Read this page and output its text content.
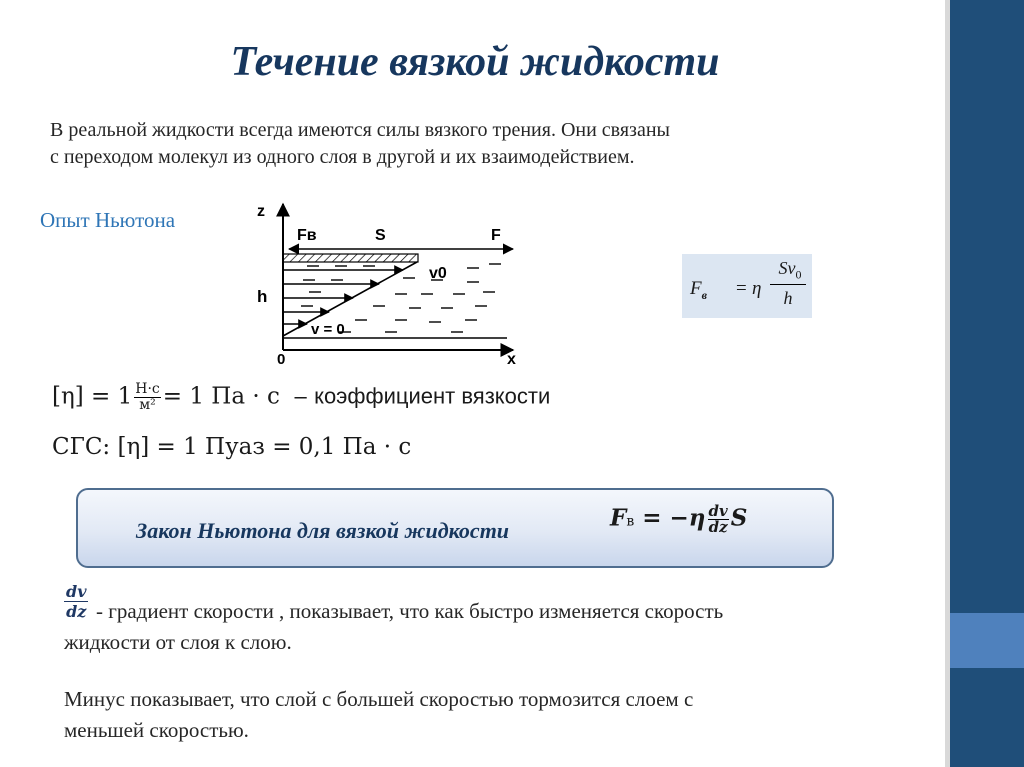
Течение вязкой жидкости
В реальной жидкости всегда имеются силы вязкого трения. Они связаны
с переходом молекул из одного слоя в другой и их взаимодействием.
Опыт Ньютона	z
Fв	S	F
h
v0
v = 0
0	x
$F_в = \eta$
$Sv_0$
h
$[\eta] = 1 \frac{Н\cdot с}{\text{м²}} = 1$ Па · с – коэффициент вязкости
СГС: [η] = 1 Пуаз = 0,1 Па · с
Закон Ньютона для вязкой жидкости	Fв = $-\eta \frac{dv}{dz}$ S
$\frac{dv}{dz}$ - градиент скорости , показывает, что как быстро изменяется скорость
жидкости от слоя к слою.
Минус показывает, что слой с большей скоростью тормозится слоем с
меньшей скоростью.
